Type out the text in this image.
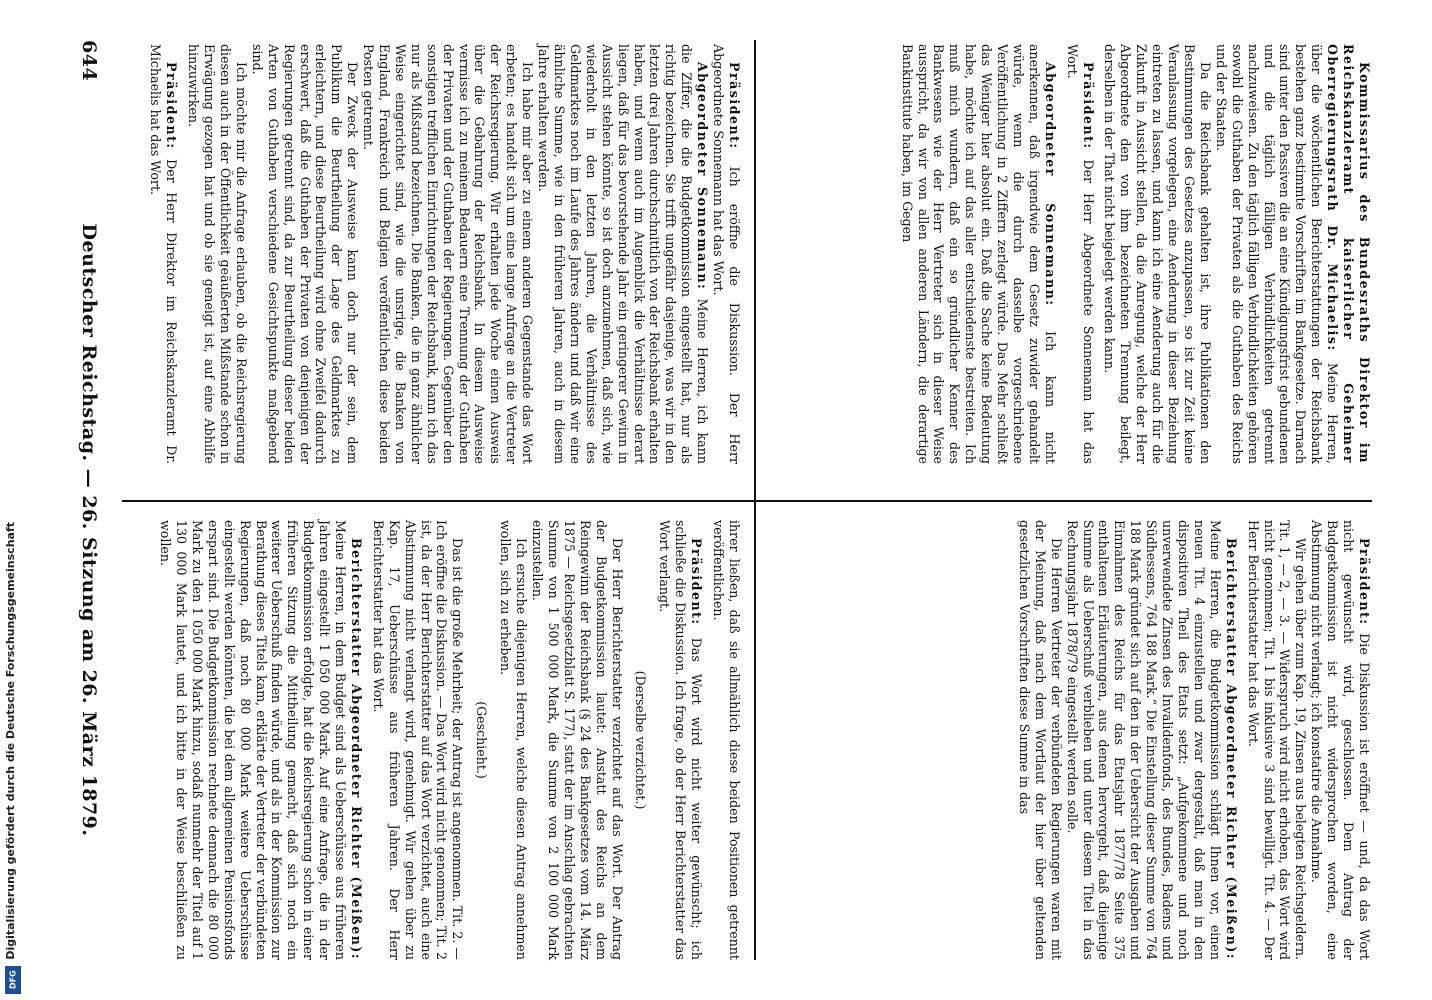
644
Deutscher Reichstag. — 26. Sitzung am 26. März 1879.

Präsident: Ich eröffne die Diskussion. Der Herr Abgeordnete Sonnemann hat das Wort.

Abgeordneter Sonnemann: Meine Herren, ich kann die Ziffer, die die Budgetkommission eingestellt hat, nur als richtig bezeichnen. Sie trifft ungefähr dasjenige, was wir in den letzten drei Jahren durchschnittlich von der Reichsbank erhalten haben, und wenn auch im Augenblick die Verhältnisse derart liegen, daß für das bevorstehende Jahr ein geringerer Gewinn in Aussicht stehen könnte, so ist doch anzunehmen, daß sich, wie wiederholt in den letzten Jahren, die Verhältnisse des Geldmarktes noch im Laufe des Jahres ändern und daß wir eine ähnliche Summe, wie in den früheren Jahren, auch in diesem Jahre erhalten werden.

Ich habe mir aber zu einem anderen Gegenstande das Wort erbeten; es handelt sich um eine lange Anfrage an die Vertreter der Reichsregierung. Wir erhalten jede Woche einen Ausweis über die Gebahrung der Reichsbank. In diesem Ausweise vermisse ich zu meinem Bedauern eine Trennung der Guthaben der Privaten und der Guthaben der Regierungen. Gegenüber den sonstigen trefflichen Einrichtungen der Reichsbank, kann ich das nur als Mißstand bezeichnen. Die Banken, die in ganz ähnlicher Weise eingerichtet sind, wie die unsrige, die Banken von England, Frankreich und Belgien veröffentlichen diese beiden Posten getrennt.

Der Zweck der Ausweise kann doch nur der sein, dem Publikum die Beurtheilung der Lage des Geldmarktes zu erleichtern, und diese Beurtheilung wird ohne Zweifel dadurch erschwert, daß die Guthaben der Privaten von denjenigen der Regierungen getrennt sind, da zur Beurtheilung dieser beiden Arten von Guthaben verschiedene Gesichtspunkte maßgebend sind.

Ich möchte mir die Anfrage erlauben, ob die Reichsregierung diesen auch in der Öffentlichkeit geäußerten Mißstande schon in Erwägung gezogen hat und ob sie geneigt ist, auf eine Abhilfe hinzuwirken.

Präsident: Der Herr Direktor im Reichskanzleramt Dr. Michaelis hat das Wort.

ihrer ließen, daß sie allmählich diese beiden Positionen getrennt veröffentlichen.

Präsident: Das Wort wird nicht weiter gewünscht; ich schließe die Diskussion. Ich frage, ob der Herr Berichterstatter das Wort verlangt.

(Derselbe verzichtet.)

Der Herr Berichterstatter verzichtet auf das Wort. Der Antrag der Budgetkommission lautet: Anstatt des Reichs an dem Reingewinn der Reichsbank (§ 24 des Bankgesetzes vom 14. März 1875 — Reichsgesetzblatt S. 177), statt der im Anschlag gebrachten Summe von 1 500 000 Mark, die Summe von 2 100 000 Mark einzustellen.

Ich ersuche diejenigen Herren, welche diesen Antrag annehmen wollen, sich zu erheben.

(Geschieht.)

Das ist die große Mehrheit; der Antrag ist angenommen. Tit. 2. — Ich eröffne die Diskussion. — Das Wort wird nicht genommen; Tit. 2 ist, da der Herr Berichterstatter auf das Wort verzichtet, auch eine Abstimmung nicht verlangt wird, genehmigt. Wir gehen über zu Kap. 17, Ueberschüsse aus früheren Jahren. Der Herr Berichterstatter hat das Wort.

Berichterstatter Abgeordneter Richter (Meißen): Meine Herren, in dem Budget sind als Ueberschüsse aus früheren Jahren eingestellt 1 050 000 Mark. Auf eine Anfrage, die in der Budgetkommission erfolgte, hat die Reichsregierung schon in einer früheren Sitzung die Mittheilung gemacht, daß sich noch ein weiterer Ueberschuß finden würde, und als in der Kommission zur Berathung dieses Titels kam, erklärte der Vertreter der verbündeten Regierungen, daß noch 80 000 Mark weitere Ueberschüsse eingestellt werden könnten, die bei dem allgemeinen Pensionsfonds erspart sind. Die Budgetkommission rechnete demnach die 80 000 Mark zu den 1 050 000 Mark hinzu, sodaß nunmehr der Titel auf 1 130 000 Mark lautet, und ich bitte in der Weise beschließen zu wollen.

Kommissarius des Bundesraths Direktor im Reichskanzleramt kaiserlicher Geheimer Oberregierungsrath Dr. Michaelis: Meine Herren, über die wöchentlichen Berichterstattungen der Reichsbank bestehen ganz bestimmte Vorschriften im Bankgesetze. Darnach sind unter den Passiven die an eine Kündigungsfrist gebundenen und die täglich fälligen Verbindlichkeiten getrennt nachzuweisen. Zu den täglich fälligen Verbindlichkeiten gehören sowohl die Guthaben der Privaten als die Guthaben des Reichs und der Staaten.

Da die Reichsbank gehalten ist, ihre Publikationen den Bestimmungen des Gesetzes anzupassen, so ist zur Zeit keine Veranlassung vorgelegen, eine Aenderung in dieser Beziehung eintreten zu lassen, und kann ich eine Aenderung auch für die Zukunft in Aussicht stellen, da die Anregung, welche der Herr Abgeordnete den von ihm bezeichneten Trennung beilegt, derselben in der That nicht beigelegt werden kann.

Präsident: Der Herr Abgeordnete Sonnemann hat das Wort.

Abgeordneter Sonnemann: Ich kann nicht anerkennen, daß irgendwie dem Gesetz zuwider gehandelt würde, wenn die durch dasselbe vorgeschriebene Veröffentlichung in 2 Ziffern zerlegt würde. Das Mehr schließt das Weniger hier absolut ein. Daß die Sache keine Bedeutung habe, möchte ich auf das aller entschiedenste bestreiten. Ich muß mich wundern, daß ein so gründlicher Kenner des Bankwesens wie der Herr Vertreter sich in dieser Weise ausspricht, da wir von allen anderen Ländern, die derartige Bankinstitute haben, im Gegen

Präsident: Die Diskussion ist eröffnet — und, da das Wort nicht gewünscht wird, geschlossen. Dem Antrag der Budgetkommission ist nicht widersprochen worden, eine Abstimmung nicht verlangt; ich konstatire die Annahme.

Wir gehen über zum Kap. 19, Zinsen aus belegten Reichsgeldern. Tit. 1, — 2, — 3. — Widerspruch wird nicht erhoben, das Wort wird nicht genommen; Tit. 1 bis inklusive 3 sind bewilligt. Tit. 4. — Der Herr Berichterstatter hat das Wort.

Berichterstatter Abgeordneter Richter (Meißen): Meine Herren, die Budgetkommission schlägt Ihnen vor, einen neuen Tit. 4 einzustellen und zwar dergestalt, daß man in den dispositiven Theil des Etats setzt: „Aufgekommene und noch unverwendete Zinsen des Invalidenfonds, des Bundes, Badens und Südhessens, 764 188 Mark.“ Die Einstellung dieser Summe von 764 188 Mark gründet sich auf den in der Uebersicht der Ausgaben und Einnahmen des Reichs für das Etatsjahr 1877/78 Seite 375 enthaltenen Erläuterungen, aus denen hervorgeht, daß diejenige Summe als Ueberschuß verblieben und unter diesem Titel in das Rechnungsjahr 1878/79 eingestellt werden solle.

Die Herren Vertreter der verbündeten Regierungen waren mit der Meinung, daß nach dem Wortlaut der hier über geltenden gesetzlichen Vorschriften diese Summe in das

Digitalisierung gefördert durch die Deutsche Forschungsgemeinschaft
DFG
